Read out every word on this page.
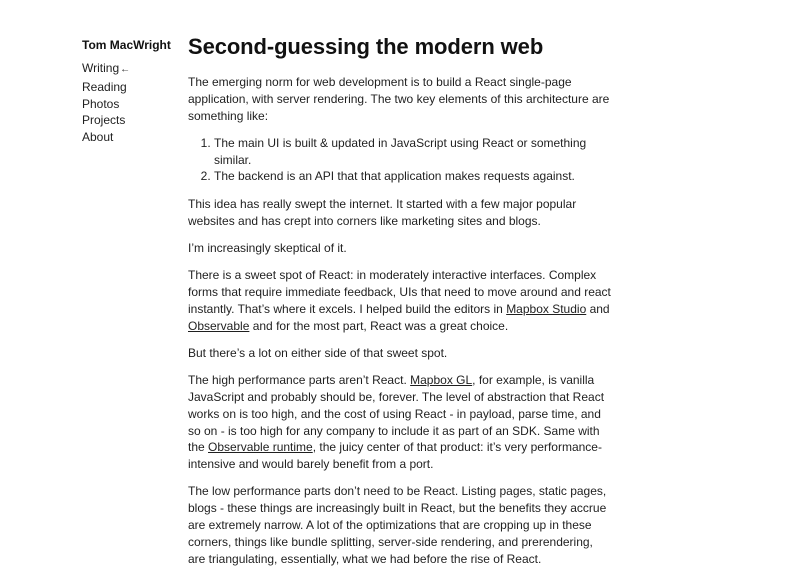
Tom MacWright
Writing←
Reading
Photos
Projects
About
Second-guessing the modern web

The emerging norm for web development is to build a React single-page application, with server rendering. The two key elements of this architecture are something like:

1. The main UI is built & updated in JavaScript using React or something similar.
2. The backend is an API that that application makes requests against.

This idea has really swept the internet. It started with a few major popular websites and has crept into corners like marketing sites and blogs.

I’m increasingly skeptical of it.

There is a sweet spot of React: in moderately interactive interfaces. Complex forms that require immediate feedback, UIs that need to move around and react instantly. That’s where it excels. I helped build the editors in Mapbox Studio and Observable and for the most part, React was a great choice.

But there’s a lot on either side of that sweet spot.

The high performance parts aren’t React. Mapbox GL, for example, is vanilla JavaScript and probably should be, forever. The level of abstraction that React works on is too high, and the cost of using React - in payload, parse time, and so on - is too high for any company to include it as part of an SDK. Same with the Observable runtime, the juicy center of that product: it’s very performance-intensive and would barely benefit from a port.

The low performance parts don’t need to be React. Listing pages, static pages, blogs - these things are increasingly built in React, but the benefits they accrue are extremely narrow. A lot of the optimizations that are cropping up in these corners, things like bundle splitting, server-side rendering, and prerendering, are triangulating, essentially, what we had before the rise of React.
